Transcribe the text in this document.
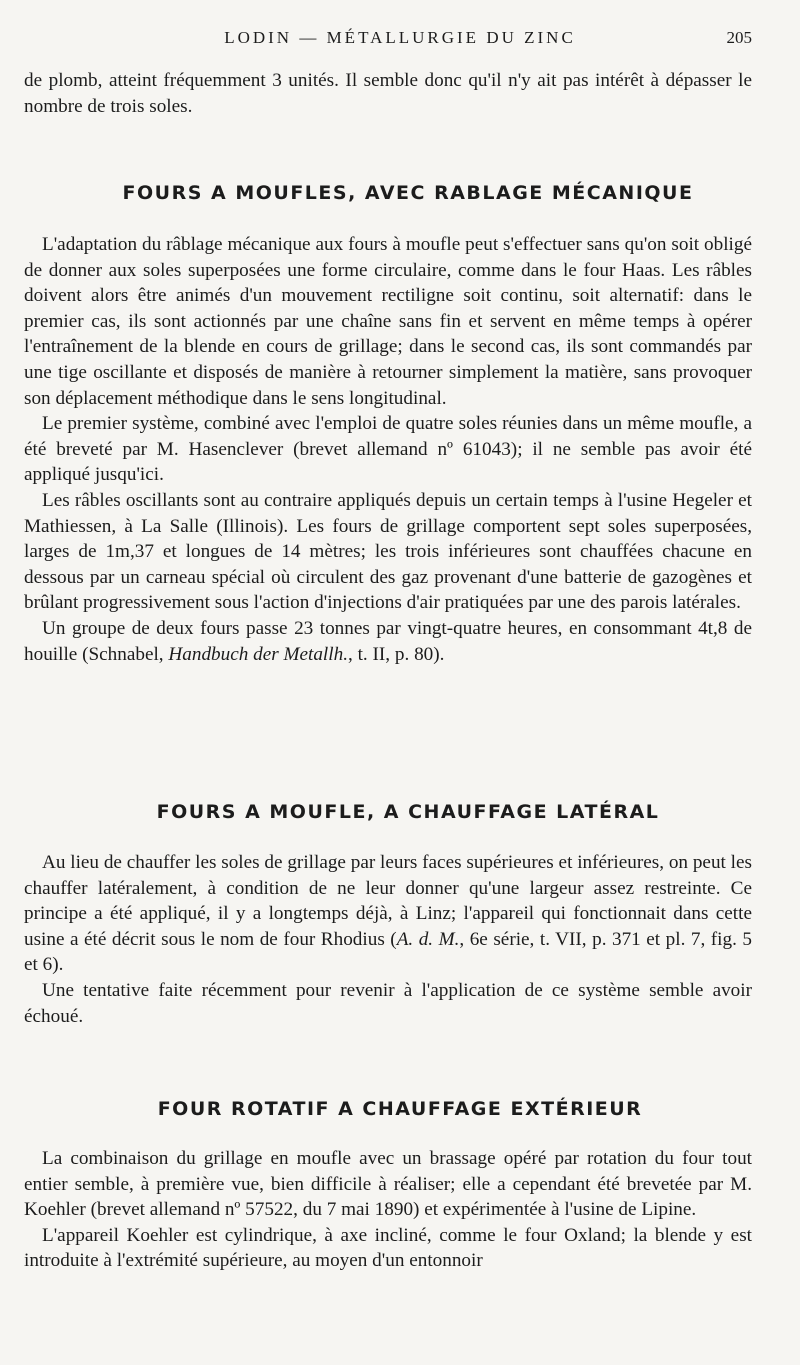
LODIN — MÉTALLURGIE DU ZINC	205

de plomb, atteint fréquemment 3 unités. Il semble donc qu'il n'y ait pas intérêt à dépasser le nombre de trois soles.

FOURS A MOUFLES, AVEC RABLAGE MÉCANIQUE

L'adaptation du râblage mécanique aux fours à moufle peut s'effectuer sans qu'on soit obligé de donner aux soles superposées une forme circulaire, comme dans le four Haas. Les râbles doivent alors être animés d'un mouvement rectiligne soit continu, soit alternatif: dans le premier cas, ils sont actionnés par une chaîne sans fin et servent en même temps à opérer l'entraînement de la blende en cours de grillage; dans le second cas, ils sont commandés par une tige oscillante et disposés de manière à retourner simplement la matière, sans provoquer son déplacement méthodique dans le sens longitudinal.

Le premier système, combiné avec l'emploi de quatre soles réunies dans un même moufle, a été breveté par M. Hasenclever (brevet allemand nº 61043); il ne semble pas avoir été appliqué jusqu'ici.

Les râbles oscillants sont au contraire appliqués depuis un certain temps à l'usine Hegeler et Mathiessen, à La Salle (Illinois). Les fours de grillage comportent sept soles superposées, larges de 1m,37 et longues de 14 mètres; les trois inférieures sont chauffées chacune en dessous par un carneau spécial où circulent des gaz provenant d'une batterie de gazogènes et brûlant progressivement sous l'action d'injections d'air pratiquées par une des parois latérales.

Un groupe de deux fours passe 23 tonnes par vingt-quatre heures, en consommant 4t,8 de houille (Schnabel, Handbuch der Metallh., t. II, p. 80).

FOURS A MOUFLE, A CHAUFFAGE LATÉRAL

Au lieu de chauffer les soles de grillage par leurs faces supérieures et inférieures, on peut les chauffer latéralement, à condition de ne leur donner qu'une largeur assez restreinte. Ce principe a été appliqué, il y a longtemps déjà, à Linz; l'appareil qui fonctionnait dans cette usine a été décrit sous le nom de four Rhodius (A. d. M., 6e série, t. VII, p. 371 et pl. 7, fig. 5 et 6).

Une tentative faite récemment pour revenir à l'application de ce système semble avoir échoué.

FOUR ROTATIF A CHAUFFAGE EXTÉRIEUR

La combinaison du grillage en moufle avec un brassage opéré par rotation du four tout entier semble, à première vue, bien difficile à réaliser; elle a cependant été brevetée par M. Koehler (brevet allemand nº 57522, du 7 mai 1890) et expérimentée à l'usine de Lipine.

L'appareil Koehler est cylindrique, à axe incliné, comme le four Oxland; la blende y est introduite à l'extrémité supérieure, au moyen d'un entonnoir
